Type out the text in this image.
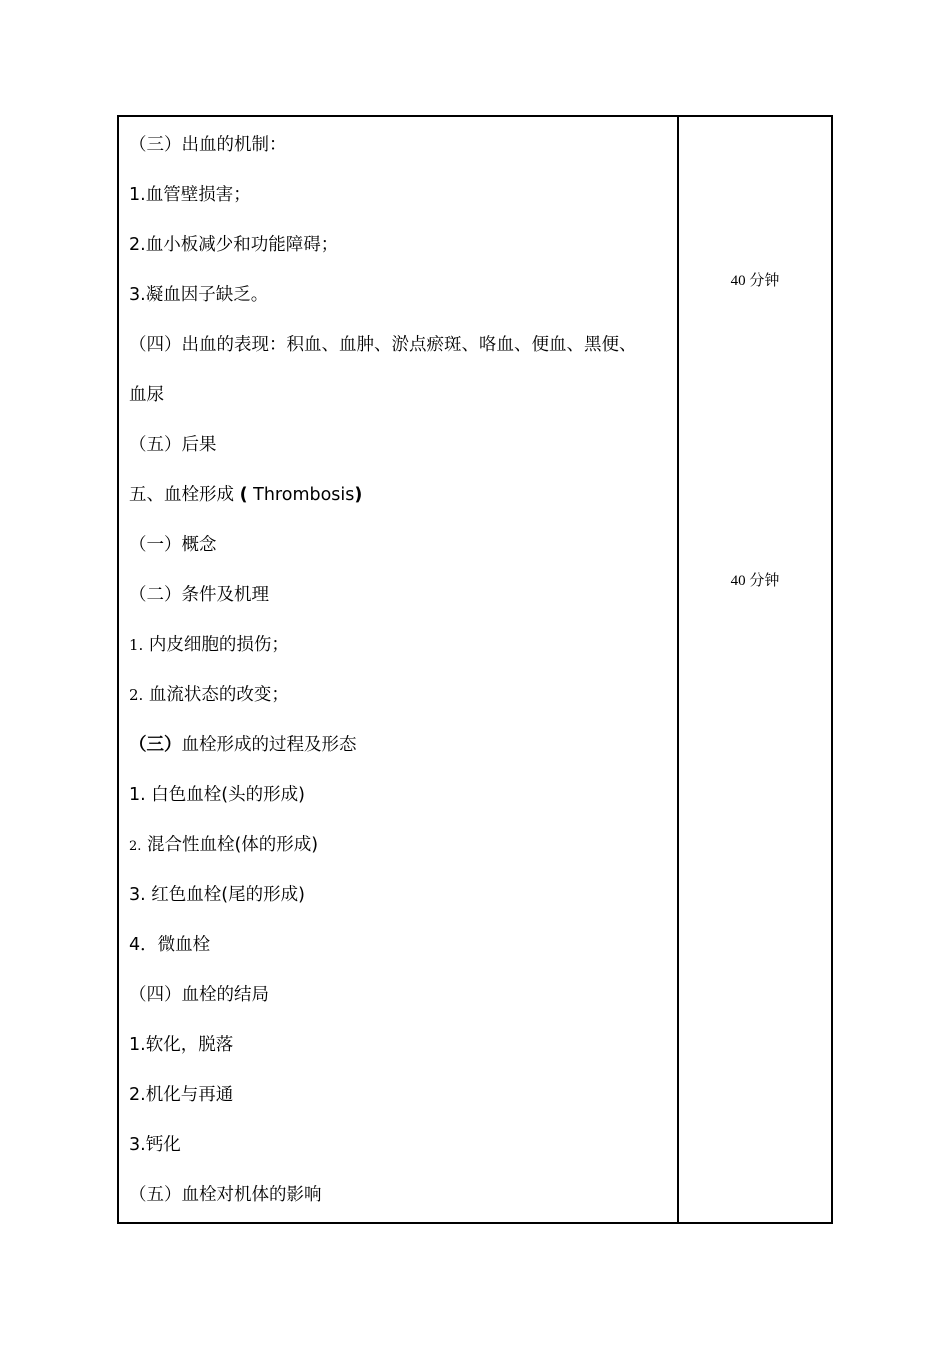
（三）出血的机制：
1.血管壁损害；
2.血小板减少和功能障碍；
3.凝血因子缺乏。
（四）出血的表现：积血、血肿、淤点瘀斑、咯血、便血、黑便、
血尿
（五）后果
五、血栓形成 ( Thrombosis)
（一）概念
（二）条件及机理
1. 内皮细胞的损伤；
2. 血流状态的改变；
（三）血栓形成的过程及形态
1. 白色血栓(头的形成)
2. 混合性血栓(体的形成)
3. 红色血栓(尾的形成)
4．微血栓
（四）血栓的结局
1.软化，脱落
2.机化与再通
3.钙化
（五）血栓对机体的影响
40 分钟
40 分钟
